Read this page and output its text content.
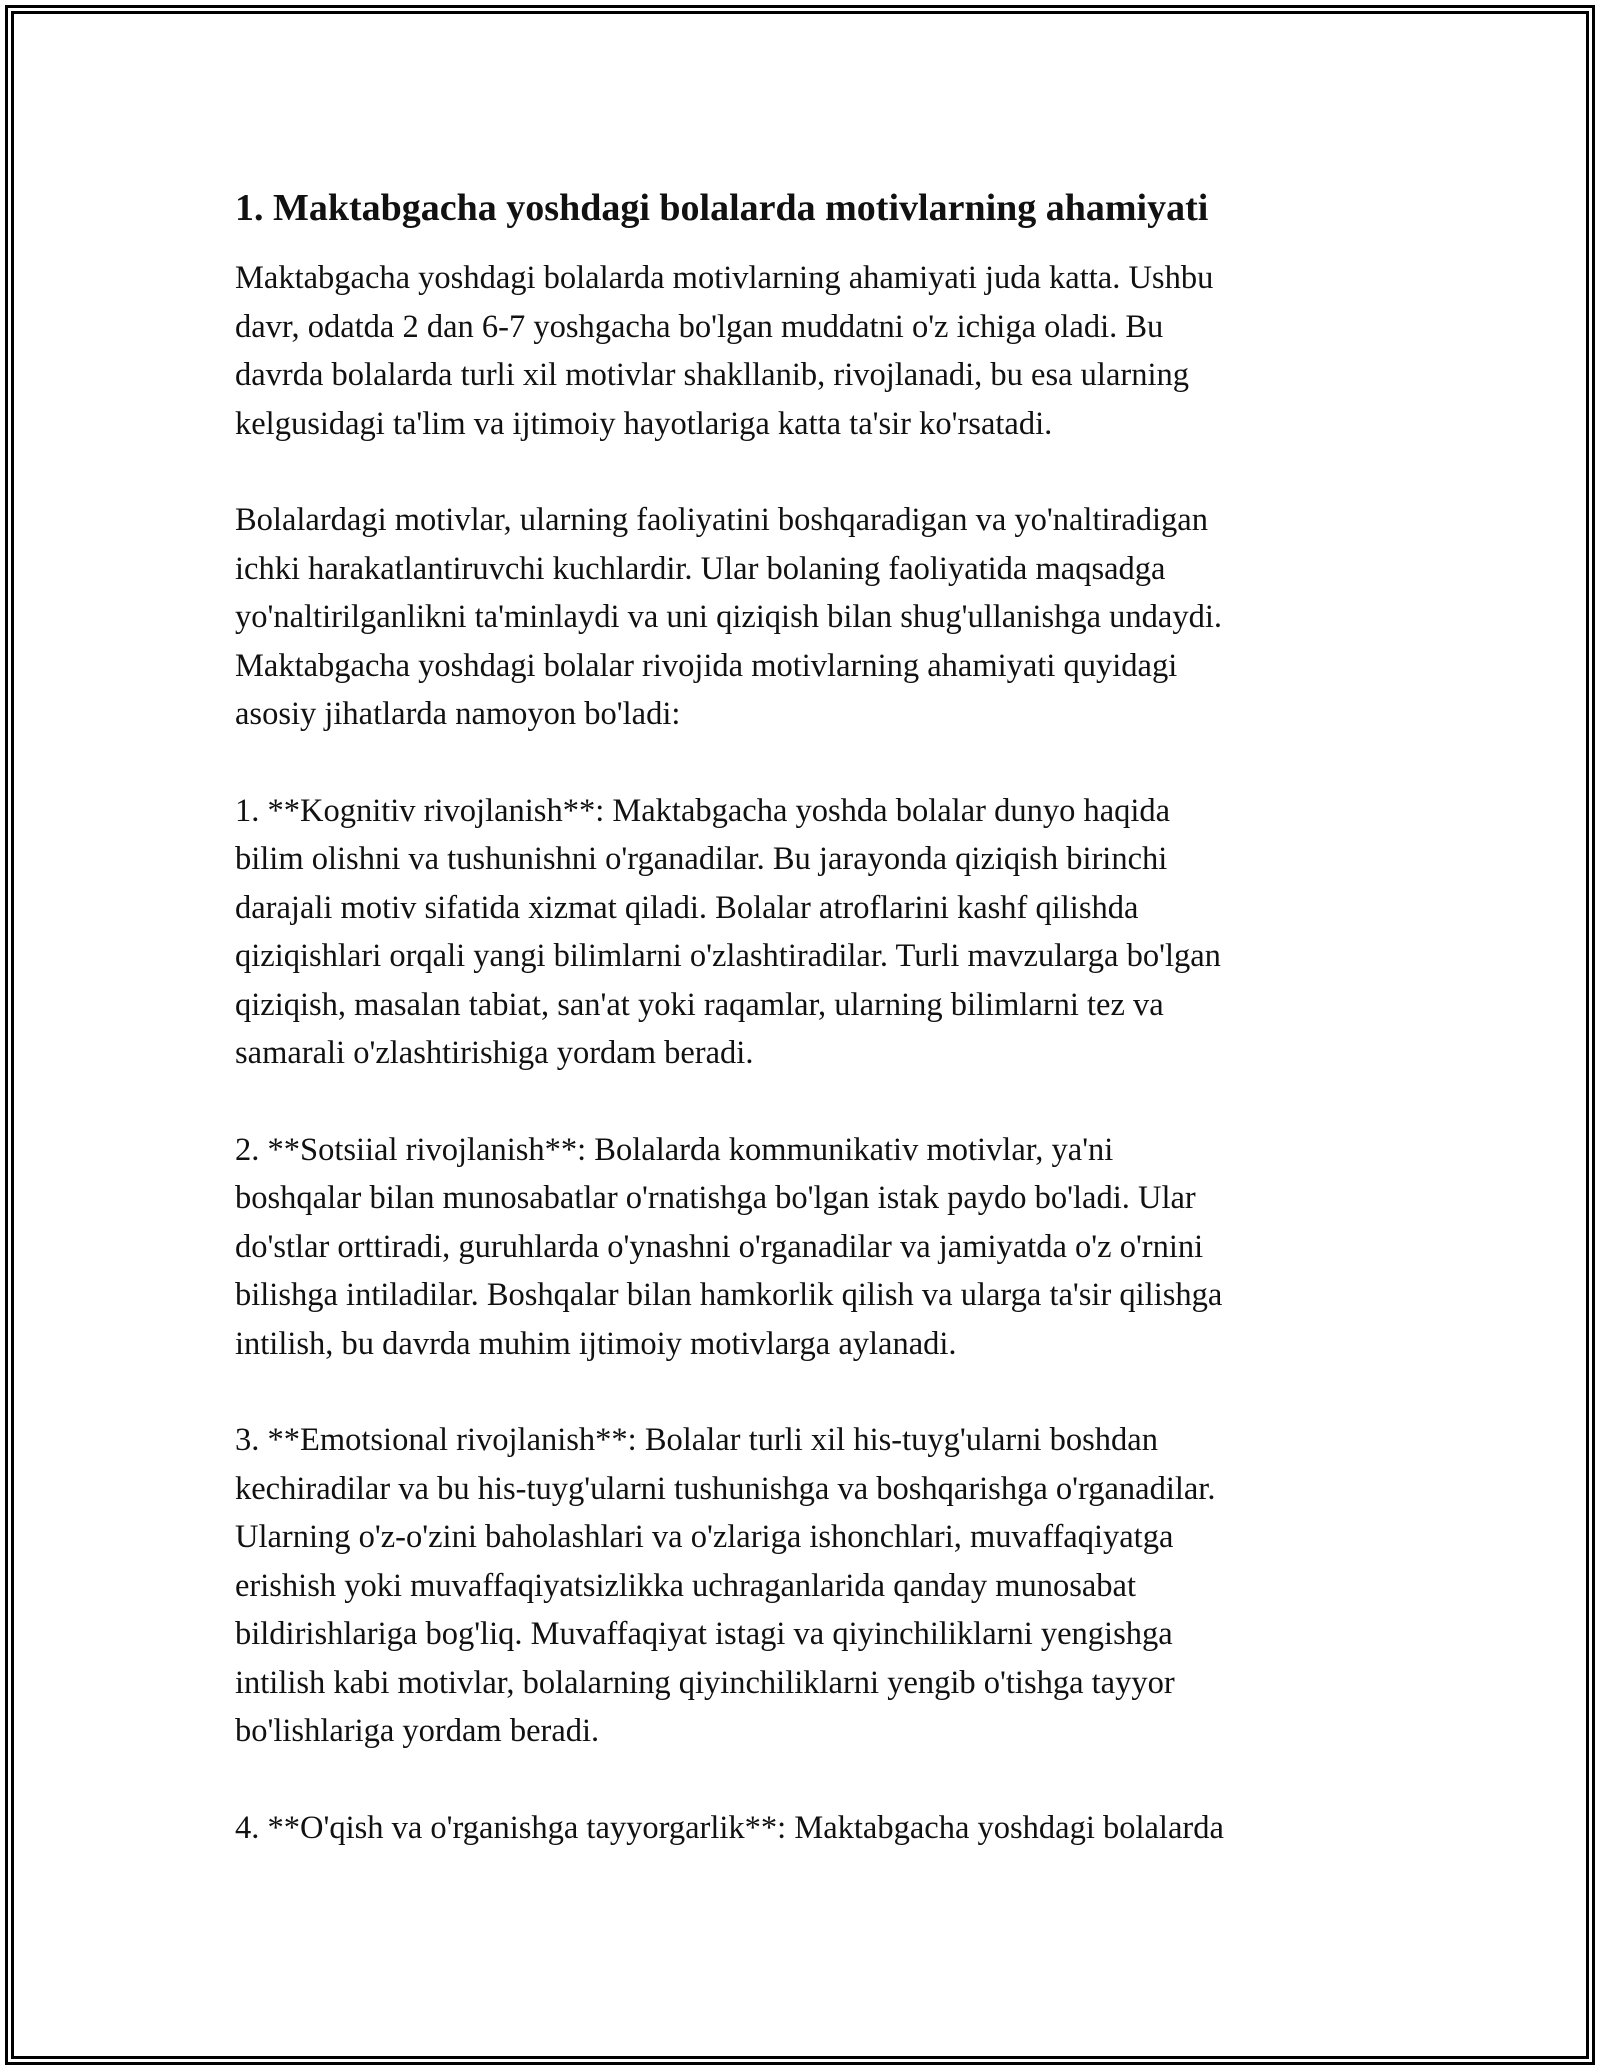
1. Maktabgacha yoshdagi bolalarda motivlarning ahamiyati
Maktabgacha yoshdagi bolalarda motivlarning ahamiyati juda katta. Ushbu
davr, odatda 2 dan 6-7 yoshgacha bo'lgan muddatni o'z ichiga oladi. Bu
davrda bolalarda turli xil motivlar shakllanib, rivojlanadi, bu esa ularning
kelgusidagi ta'lim va ijtimoiy hayotlariga katta ta'sir ko'rsatadi.
Bolalardagi motivlar, ularning faoliyatini boshqaradigan va yo'naltiradigan
ichki harakatlantiruvchi kuchlardir. Ular bolaning faoliyatida maqsadga
yo'naltirilganlikni ta'minlaydi va uni qiziqish bilan shug'ullanishga undaydi.
Maktabgacha yoshdagi bolalar rivojida motivlarning ahamiyati quyidagi
asosiy jihatlarda namoyon bo'ladi:
1. **Kognitiv rivojlanish**: Maktabgacha yoshda bolalar dunyo haqida
bilim olishni va tushunishni o'rganadilar. Bu jarayonda qiziqish birinchi
darajali motiv sifatida xizmat qiladi. Bolalar atroflarini kashf qilishda
qiziqishlari orqali yangi bilimlarni o'zlashtiradilar. Turli mavzularga bo'lgan
qiziqish, masalan tabiat, san'at yoki raqamlar, ularning bilimlarni tez va
samarali o'zlashtirishiga yordam beradi.
2. **Sotsiial rivojlanish**: Bolalarda kommunikativ motivlar, ya'ni
boshqalar bilan munosabatlar o'rnatishga bo'lgan istak paydo bo'ladi. Ular
do'stlar orttiradi, guruhlarda o'ynashni o'rganadilar va jamiyatda o'z o'rnini
bilishga intiladilar. Boshqalar bilan hamkorlik qilish va ularga ta'sir qilishga
intilish, bu davrda muhim ijtimoiy motivlarga aylanadi.
3. **Emotsional rivojlanish**: Bolalar turli xil his-tuyg'ularni boshdan
kechiradilar va bu his-tuyg'ularni tushunishga va boshqarishga o'rganadilar.
Ularning o'z-o'zini baholashlari va o'zlariga ishonchlari, muvaffaqiyatga
erishish yoki muvaffaqiyatsizlikka uchraganlarida qanday munosabat
bildirishlariga bog'liq. Muvaffaqiyat istagi va qiyinchiliklarni yengishga
intilish kabi motivlar, bolalarning qiyinchiliklarni yengib o'tishga tayyor
bo'lishlariga yordam beradi.
4. **O'qish va o'rganishga tayyorgarlik**: Maktabgacha yoshdagi bolalarda
